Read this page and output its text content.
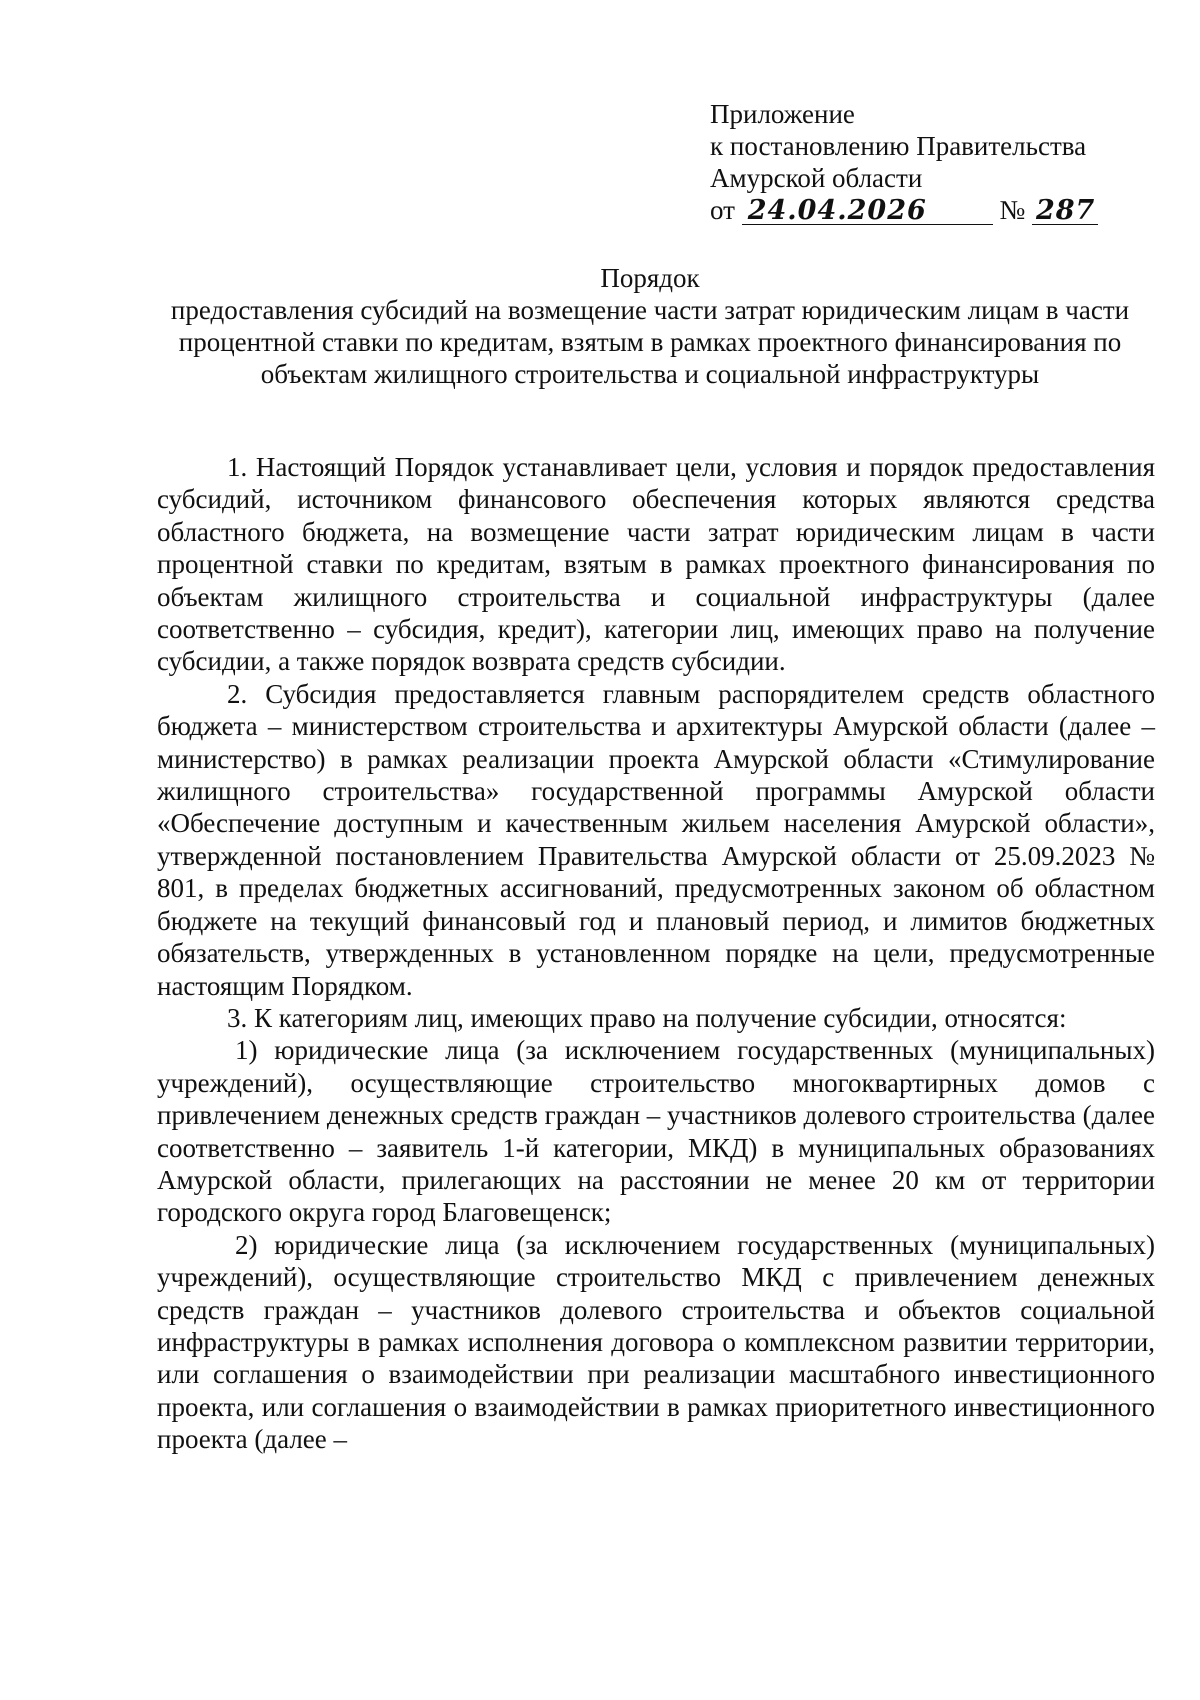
Приложение
к постановлению Правительства
Амурской области
от 24.04.2026	№ 287
Порядок
предоставления субсидий на возмещение части затрат юридическим лицам в части процентной ставки по кредитам, взятым в рамках проектного финансирования по объектам жилищного строительства и социальной инфраструктуры

1. Настоящий Порядок устанавливает цели, условия и порядок предоставления субсидий, источником финансового обеспечения которых являются средства областного бюджета, на возмещение части затрат юридическим лицам в части процентной ставки по кредитам, взятым в рамках проектного финансирования по объектам жилищного строительства и социальной инфраструктуры (далее соответственно – субсидия, кредит), категории лиц, имеющих право на получение субсидии, а также порядок возврата средств субсидии.

2. Субсидия предоставляется главным распорядителем средств областного бюджета – министерством строительства и архитектуры Амурской области (далее – министерство) в рамках реализации проекта Амурской области «Стимулирование жилищного строительства» государственной программы Амурской области «Обеспечение доступным и качественным жильем населения Амурской области», утвержденной постановлением Правительства Амурской области от 25.09.2023 № 801, в пределах бюджетных ассигнований, предусмотренных законом об областном бюджете на текущий финансовый год и плановый период, и лимитов бюджетных обязательств, утвержденных в установленном порядке на цели, предусмотренные настоящим Порядком.

3. К категориям лиц, имеющих право на получение субсидии, относятся:

1) юридические лица (за исключением государственных (муниципальных) учреждений), осуществляющие строительство многоквартирных домов с привлечением денежных средств граждан – участников долевого строительства (далее соответственно – заявитель 1-й категории, МКД) в муниципальных образованиях Амурской области, прилегающих на расстоянии не менее 20 км от территории городского округа город Благовещенск;

2) юридические лица (за исключением государственных (муниципальных) учреждений), осуществляющие строительство МКД с привлечением денежных средств граждан – участников долевого строительства и объектов социальной инфраструктуры в рамках исполнения договора о комплексном развитии территории, или соглашения о взаимодействии при реализации масштабного инвестиционного проекта, или соглашения о взаимодействии в рамках приоритетного инвестиционного проекта (далее –
